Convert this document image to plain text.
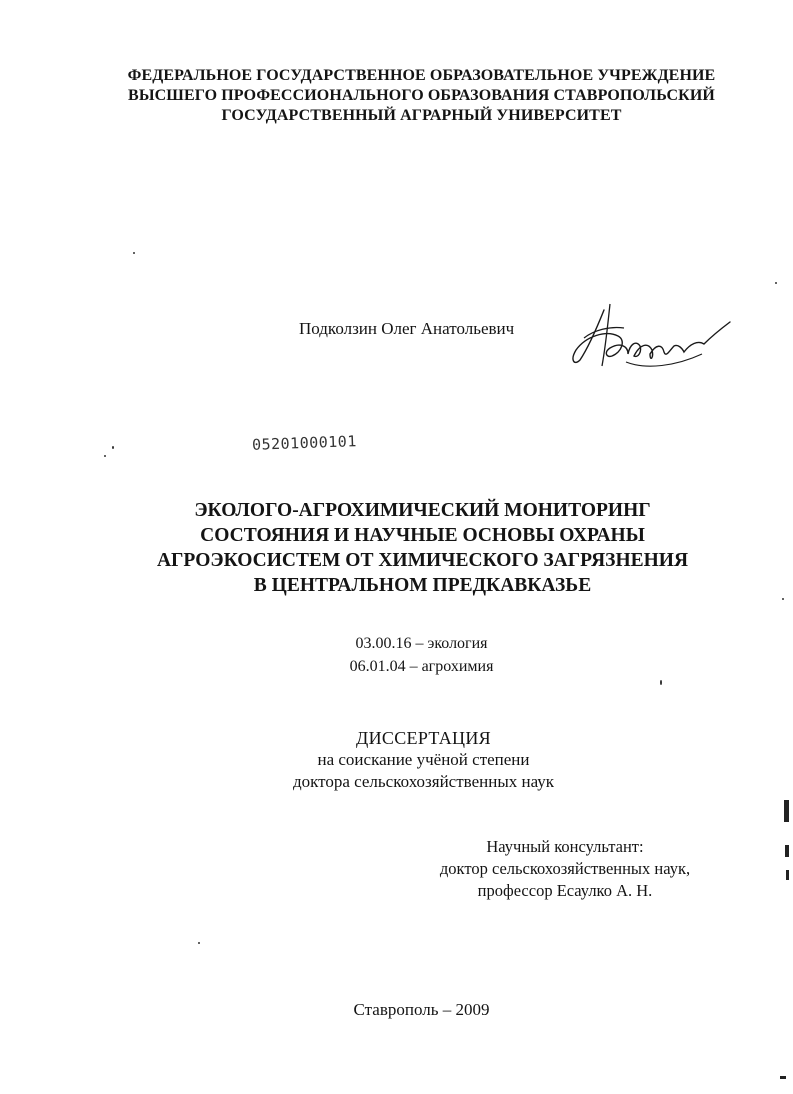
ФЕДЕРАЛЬНОЕ ГОСУДАРСТВЕННОЕ ОБРАЗОВАТЕЛЬНОЕ УЧРЕЖДЕНИЕ
ВЫСШЕГО ПРОФЕССИОНАЛЬНОГО ОБРАЗОВАНИЯ СТАВРОПОЛЬСКИЙ
ГОСУДАРСТВЕННЫЙ АГРАРНЫЙ УНИВЕРСИТЕТ
Подколзин Олег Анатольевич
05201000101
ЭКОЛОГО-АГРОХИМИЧЕСКИЙ МОНИТОРИНГ
СОСТОЯНИЯ И НАУЧНЫЕ ОСНОВЫ ОХРАНЫ
АГРОЭКОСИСТЕМ ОТ ХИМИЧЕСКОГО ЗАГРЯЗНЕНИЯ
В ЦЕНТРАЛЬНОМ ПРЕДКАВКАЗЬЕ
03.00.16 – экология
06.01.04 – агрохимия
ДИССЕРТАЦИЯ
на соискание учёной степени
доктора сельскохозяйственных наук
Научный консультант:
доктор сельскохозяйственных наук,
профессор Есаулко А. Н.
Ставрополь – 2009
